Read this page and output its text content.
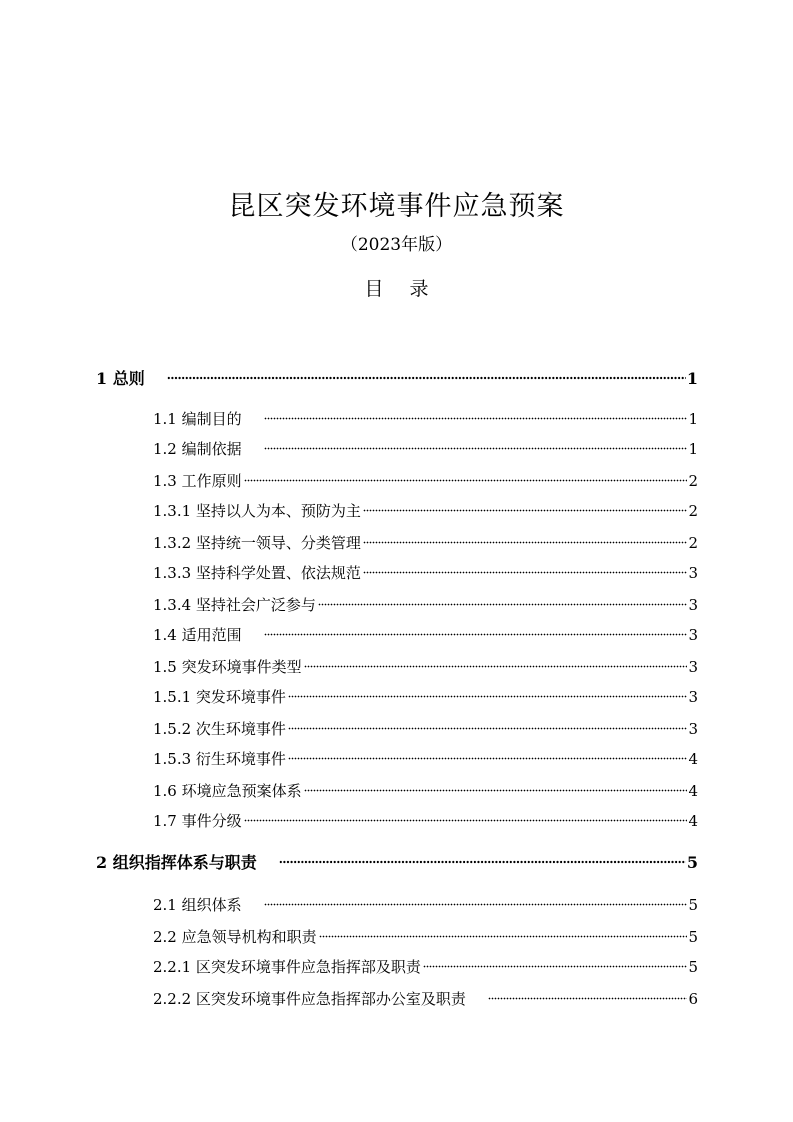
昆区突发环境事件应急预案
（2023年版）
目 录
1 总则	1
1.1 编制目的	1
1.2 编制依据	1
1.3 工作原则	2
1.3.1 坚持以人为本、预防为主	2
1.3.2 坚持统一领导、分类管理	2
1.3.3 坚持科学处置、依法规范	3
1.3.4 坚持社会广泛参与	3
1.4 适用范围	3
1.5 突发环境事件类型	3
1.5.1 突发环境事件	3
1.5.2 次生环境事件	3
1.5.3 衍生环境事件	4
1.6 环境应急预案体系	4
1.7 事件分级	4
2 组织指挥体系与职责	5
2.1 组织体系	5
2.2 应急领导机构和职责	5
2.2.1 区突发环境事件应急指挥部及职责	5
2.2.2 区突发环境事件应急指挥部办公室及职责	6
